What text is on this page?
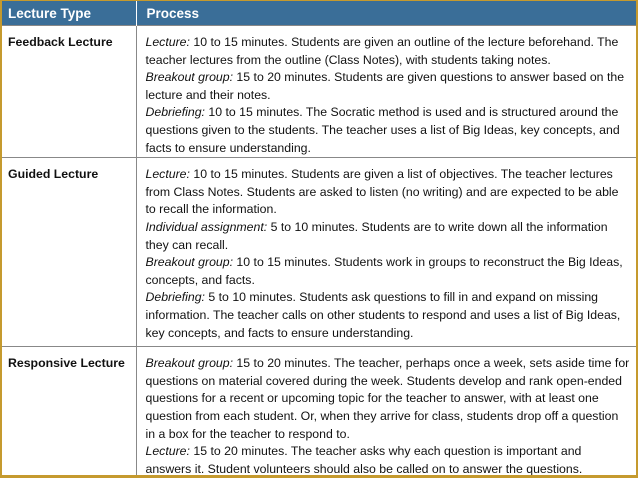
Lecture Type	Process
Feedback Lecture	Lecture: 10 to 15 minutes. Students are given an outline of the lecture beforehand. The teacher lectures from the outline (Class Notes), with students taking notes.
Breakout group: 15 to 20 minutes. Students are given questions to answer based on the lecture and their notes.
Debriefing: 10 to 15 minutes. The Socratic method is used and is structured around the questions given to the students. The teacher uses a list of Big Ideas, key concepts, and facts to ensure understanding.

Guided Lecture	Lecture: 10 to 15 minutes. Students are given a list of objectives. The teacher lectures from Class Notes. Students are asked to listen (no writing) and are expected to be able to recall the information.
Individual assignment: 5 to 10 minutes. Students are to write down all the information they can recall.
Breakout group: 10 to 15 minutes. Students work in groups to reconstruct the Big Ideas, concepts, and facts.
Debriefing: 5 to 10 minutes. Students ask questions to fill in and expand on missing information. The teacher calls on other students to respond and uses a list of Big Ideas, key concepts, and facts to ensure understanding.

Responsive Lecture	Breakout group: 15 to 20 minutes. The teacher, perhaps once a week, sets aside time for questions on material covered during the week. Students develop and rank open-ended questions for a recent or upcoming topic for the teacher to answer, with at least one question from each student. Or, when they arrive for class, students drop off a question in a box for the teacher to respond to.
Lecture: 15 to 20 minutes. The teacher asks why each question is important and answers it. Student volunteers should also be called on to answer the questions.
